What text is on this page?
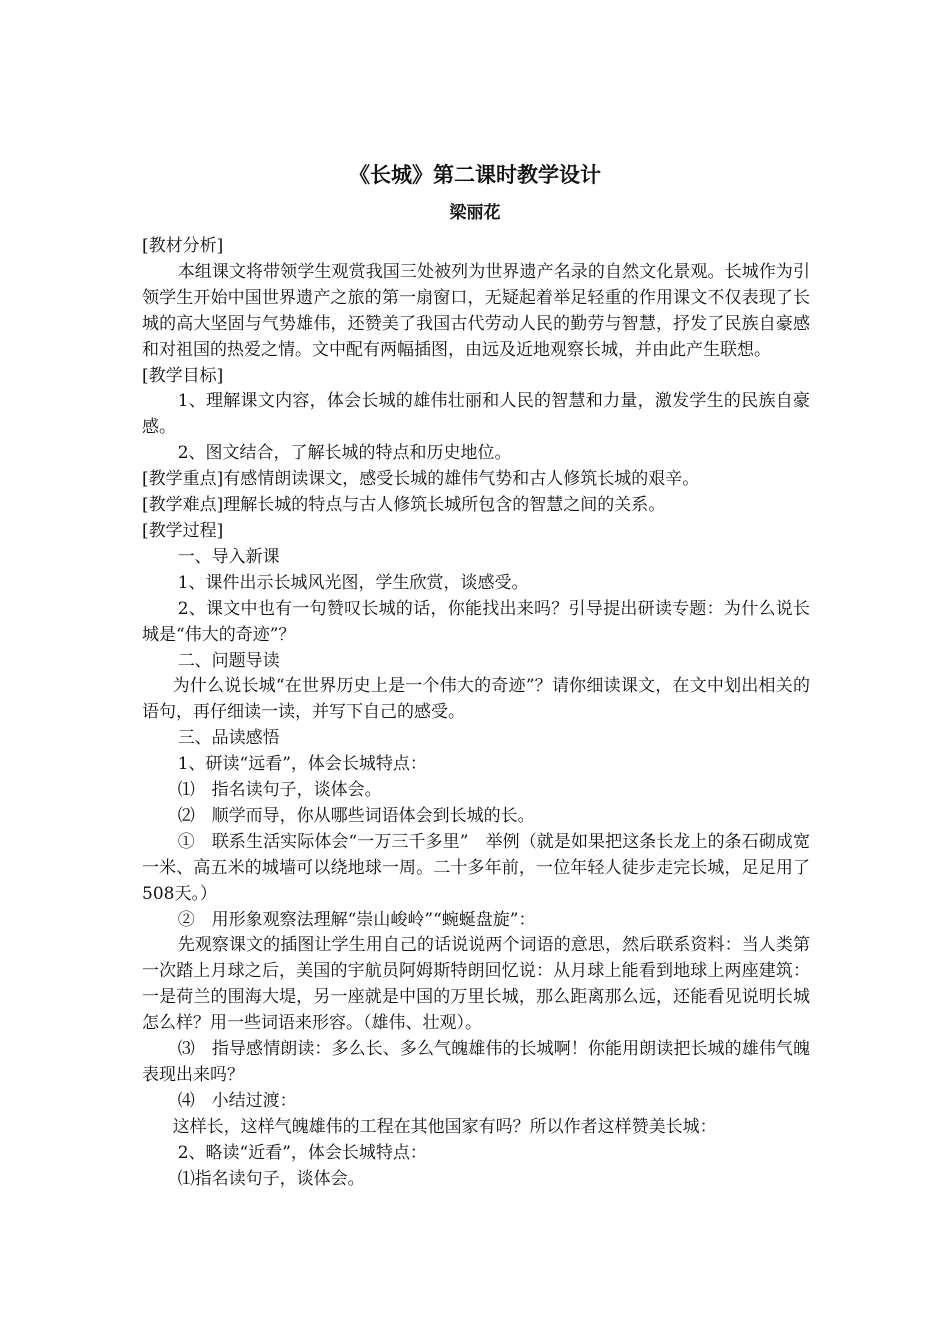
《长城》第二课时教学设计
梁丽花

[教材分析]

本组课文将带领学生观赏我国三处被列为世界遗产名录的自然文化景观。长城作为引领学生开始中国世界遗产之旅的第一扇窗口，无疑起着举足轻重的作用课文不仅表现了长城的高大坚固与气势雄伟，还赞美了我国古代劳动人民的勤劳与智慧，抒发了民族自豪感和对祖国的热爱之情。文中配有两幅插图，由远及近地观察长城，并由此产生联想。

[教学目标]

1、理解课文内容，体会长城的雄伟壮丽和人民的智慧和力量，激发学生的民族自豪感。

2、图文结合，了解长城的特点和历史地位。

[教学重点]有感情朗读课文，感受长城的雄伟气势和古人修筑长城的艰辛。

[教学难点]理解长城的特点与古人修筑长城所包含的智慧之间的关系。

[教学过程]

一、导入新课

1、课件出示长城风光图，学生欣赏，谈感受。

2、课文中也有一句赞叹长城的话，你能找出来吗？引导提出研读专题：为什么说长城是“伟大的奇迹”？

二、问题导读

为什么说长城“在世界历史上是一个伟大的奇迹”？请你细读课文，在文中划出相关的语句，再仔细读一读，并写下自己的感受。

三、品读感悟

1、研读“远看”，体会长城特点：

⑴　指名读句子，谈体会。

⑵　顺学而导，你从哪些词语体会到长城的长。

①　联系生活实际体会“一万三千多里”　举例（就是如果把这条长龙上的条石砌成宽一米、高五米的城墙可以绕地球一周。二十多年前，一位年轻人徒步走完长城，足足用了508天。）

②　用形象观察法理解“崇山峻岭”“蜿蜒盘旋”：

先观察课文的插图让学生用自己的话说说两个词语的意思，然后联系资料：当人类第一次踏上月球之后，美国的宇航员阿姆斯特朗回忆说：从月球上能看到地球上两座建筑：一是荷兰的围海大堤，另一座就是中国的万里长城，那么距离那么远，还能看见说明长城怎么样？用一些词语来形容。（雄伟、壮观）。

⑶　指导感情朗读：多么长、多么气魄雄伟的长城啊！你能用朗读把长城的雄伟气魄表现出来吗？

⑷　小结过渡：

这样长，这样气魄雄伟的工程在其他国家有吗？所以作者这样赞美长城：

2、略读“近看”，体会长城特点：

⑴指名读句子，谈体会。
